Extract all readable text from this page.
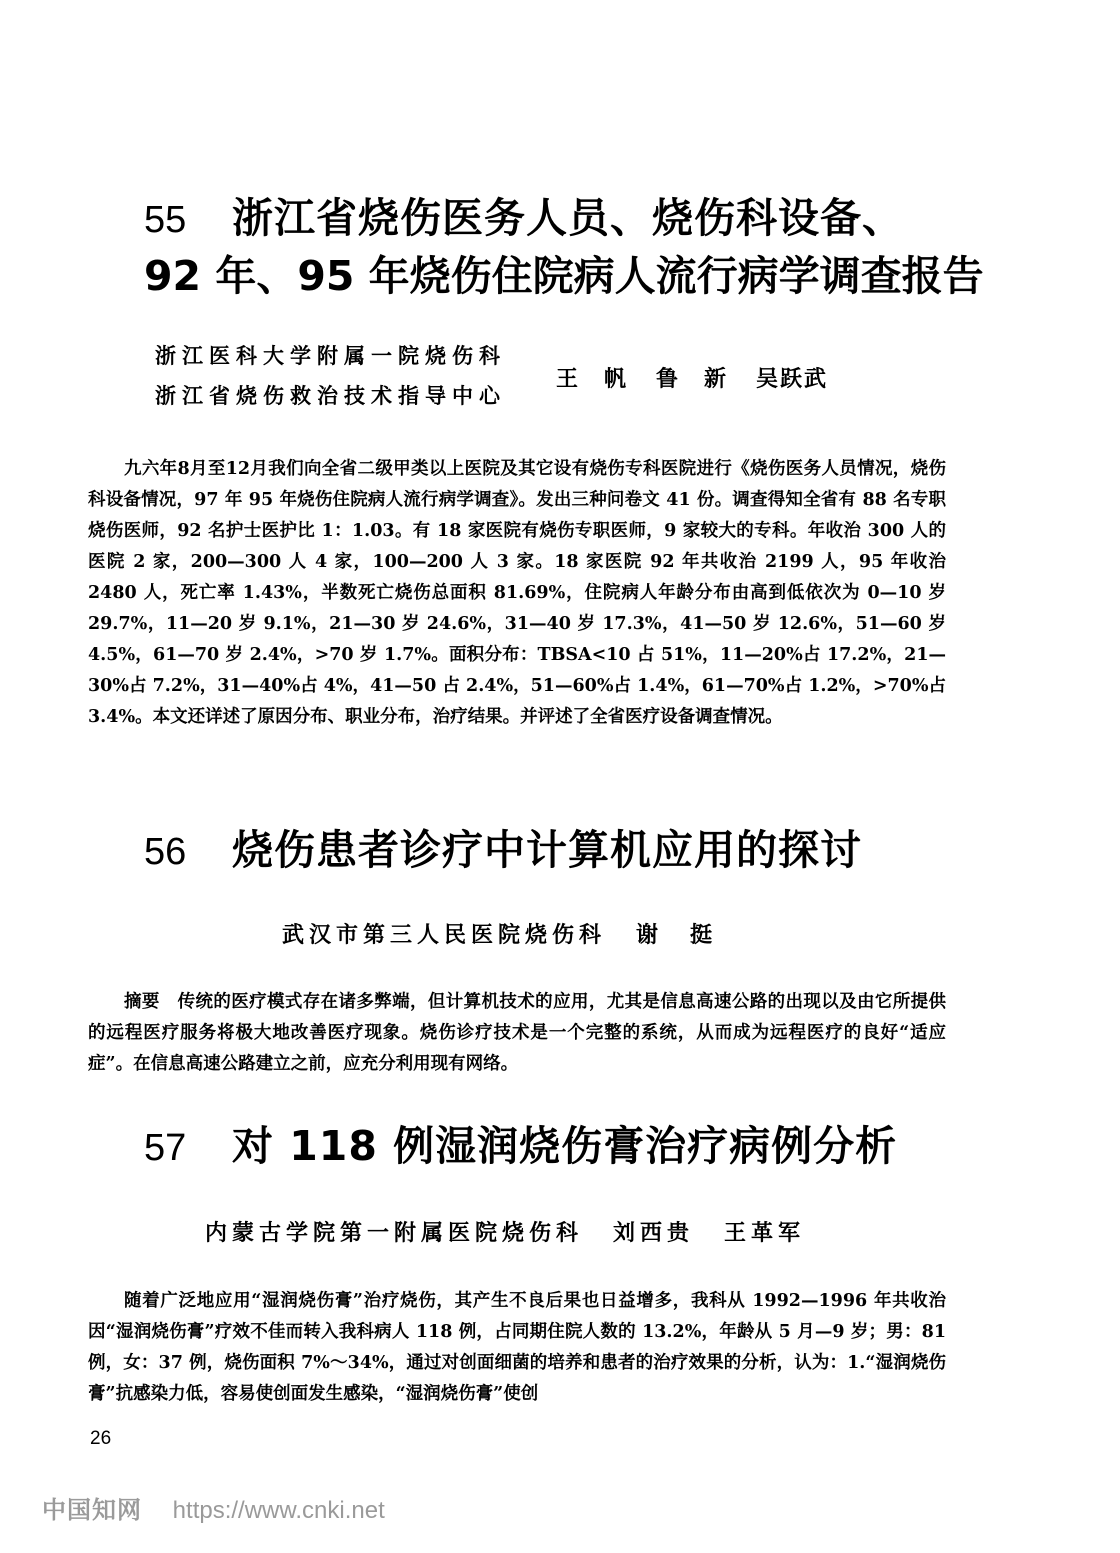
55 浙江省烧伤医务人员、烧伤科设备、
92 年、95 年烧伤住院病人流行病学调查报告
浙江医科大学附属一院烧伤科
浙江省烧伤救治技术指导中心
王　帆 鲁　新 吴跃武
九六年8月至12月我们向全省二级甲类以上医院及其它设有烧伤专科医院进行《烧伤医务人员情况，烧伤科设备情况，97 年 95 年烧伤住院病人流行病学调查》。发出三种问卷文 41 份。调查得知全省有 88 名专职烧伤医师，92 名护士医护比 1：1.03。有 18 家医院有烧伤专职医师，9 家较大的专科。年收治 300 人的医院 2 家，200—300 人 4 家，100—200 人 3 家。18 家医院 92 年共收治 2199 人，95 年收治 2480 人，死亡率 1.43%，半数死亡烧伤总面积 81.69%，住院病人年龄分布由高到低依次为 0—10 岁 29.7%，11—20 岁 9.1%，21—30 岁 24.6%，31—40 岁 17.3%，41—50 岁 12.6%，51—60 岁 4.5%，61—70 岁 2.4%，>70 岁 1.7%。面积分布：TBSA<10 占 51%，11—20%占 17.2%，21—30%占 7.2%，31—40%占 4%，41—50 占 2.4%，51—60%占 1.4%，61—70%占 1.2%，>70%占 3.4%。本文还详述了原因分布、职业分布，治疗结果。并评述了全省医疗设备调查情况。
56 烧伤患者诊疗中计算机应用的探讨
武汉市第三人民医院烧伤科 谢　挺
摘要　传统的医疗模式存在诸多弊端，但计算机技术的应用，尤其是信息高速公路的出现以及由它所提供的远程医疗服务将极大地改善医疗现象。烧伤诊疗技术是一个完整的系统，从而成为远程医疗的良好“适应症”。在信息高速公路建立之前，应充分利用现有网络。
57 对 118 例湿润烧伤膏治疗病例分析
内蒙古学院第一附属医院烧伤科 刘西贵 王革军
随着广泛地应用“湿润烧伤膏”治疗烧伤，其产生不良后果也日益增多，我科从 1992—1996 年共收治因“湿润烧伤膏”疗效不佳而转入我科病人 118 例，占同期住院人数的 13.2%，年龄从 5 月—9 岁；男：81 例，女：37 例，烧伤面积 7%～34%，通过对创面细菌的培养和患者的治疗效果的分析，认为：1.“湿润烧伤膏”抗感染力低，容易使创面发生感染，“湿润烧伤膏”使创
26
中国知网 https://www.cnki.net
